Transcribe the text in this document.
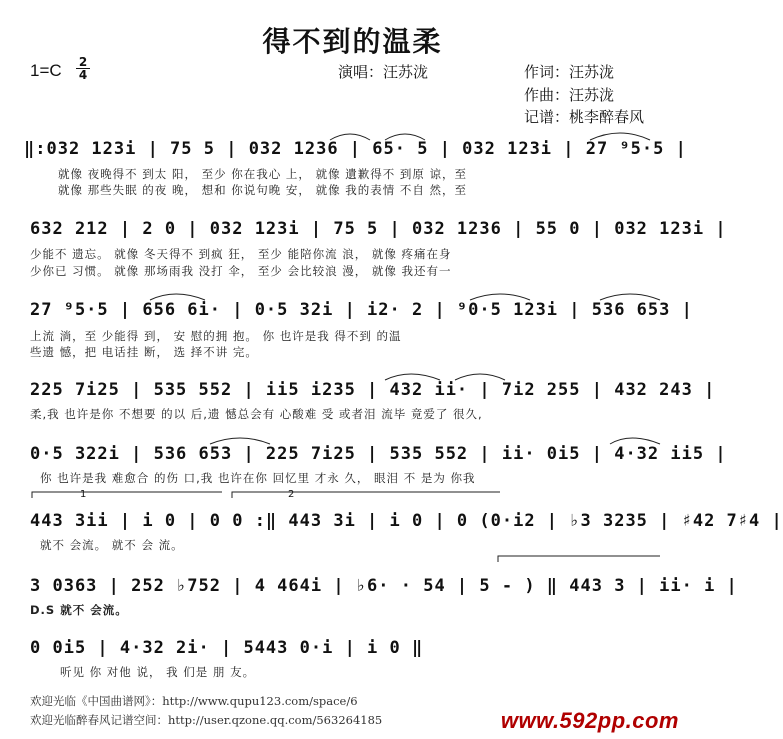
得不到的温柔
1=C 2
4	演唱：汪苏泷	作词：汪苏泷
作曲：汪苏泷
记谱：桃李醉春风
‖:032 123i | 75 5 | 032 1236 | 65· 5 | 032 123i | 27 ⁹5·5 |
就像 夜晚得不 到太 阳， 至少 你在我心 上， 就像 遺歉得不 到原 谅，至
就像 那些失眠 的夜 晚， 想和 你说句晚 安， 就像 我的表情 不自 然，至
632 212 | 2 0 | 032 123i | 75 5 | 032 1236 | 55 0 | 032 123i |
少能不 遗忘。 就像 冬天得不 到疯 狂， 至少 能陪你流 浪， 就像 疼痛在身
少你已 习惯。 就像 那场雨我 没打 伞， 至少 会比较浪 漫， 就像 我还有一
27 ⁹5·5 | 656 6i· | 0·5 32i | i2· 2 | ⁹0·5 123i | 536 653 |
上流 淌，至 少能得 到， 安 慰的拥 抱。 你 也许是我 得不到 的温
些遗 憾，把 电话挂 断， 选 择不讲 完。
225 7i25 | 535 552 | ii5 i235 | 432 ii· | 7i2 255 | 432 243 |
柔,我 也许是你 不想要 的以 后,遗 憾总会有 心酸难 受 或者泪 流毕 竟爱了 很久,
0·5 322i | 536 653 | 225 7i25 | 535 552 | ii· 0i5 | 4·32 ii5 |
你 也许是我 难愈合 的伤 口,我 也许在你 回忆里 才永 久， 眼泪 不 是为 你我
443 3ii | i 0 | 0 0 :‖ 443 3i | i 0 | 0 (0·i2 | ♭3 3235 | ♯42 7♯4 |
就不 会流。 就不 会 流。
1	2
3 0363 | 252 ♭752 | 4 464i | ♭6· · 54 | 5 - ) ‖ 443 3 | ii· i |
D.S 就不 会流。
0 0i5 | 4·32 2i· | 5443 0·i | i 0 ‖
听见 你 对他 说， 我 们是 朋 友。
欢迎光临《中国曲谱网》：http://www.qupu123.com/space/6
欢迎光临醉春风记谱空间：http://user.qzone.qq.com/563264185	www.592pp.com
